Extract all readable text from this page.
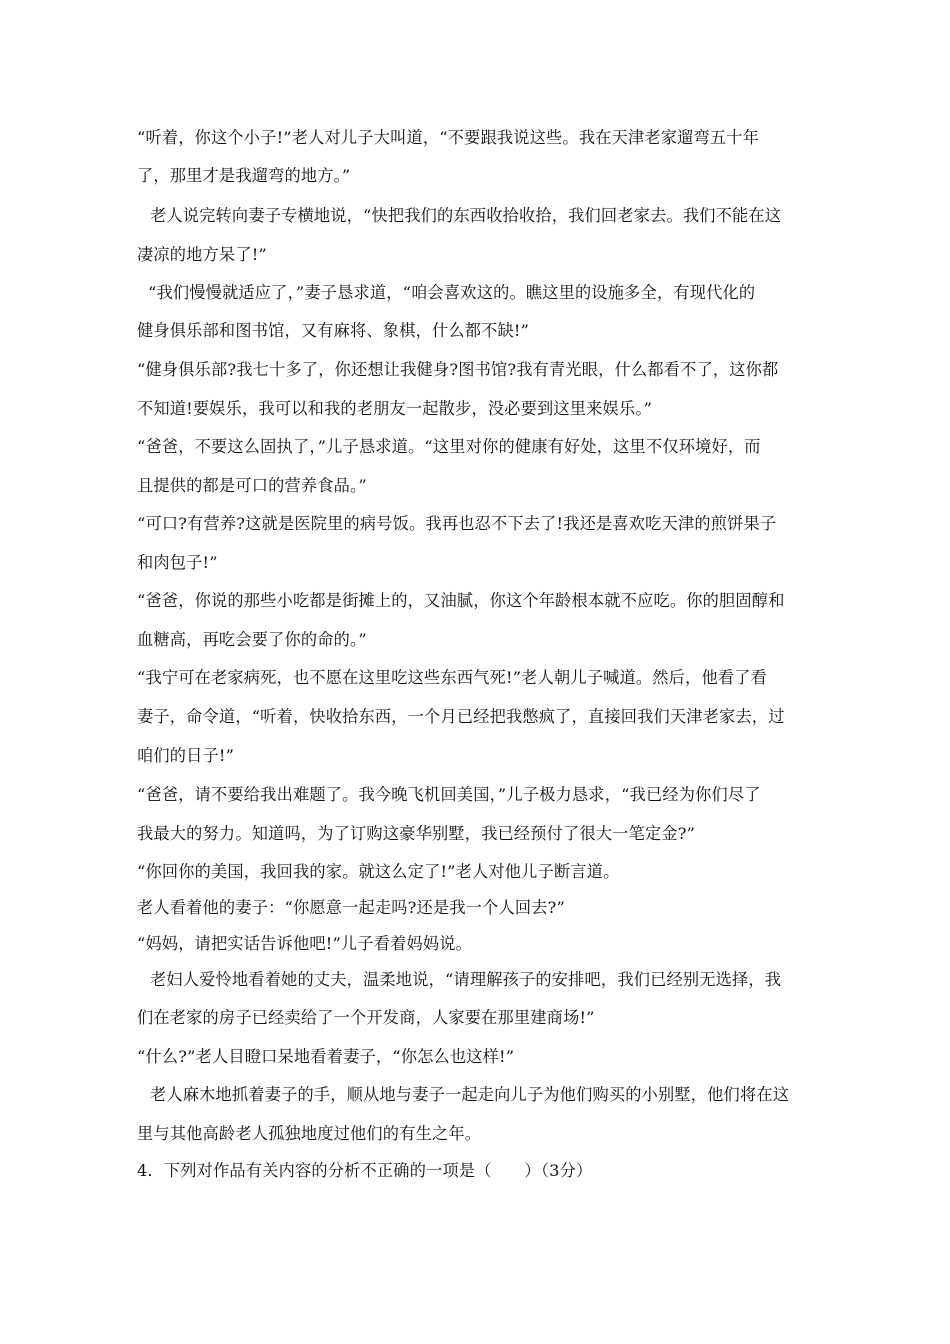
“听着，你这个小子!”老人对儿子大叫道，“不要跟我说这些。我在天津老家遛弯五十年
了，那里才是我遛弯的地方。”
老人说完转向妻子专横地说，“快把我们的东西收拾收拾，我们回老家去。我们不能在这
凄凉的地方呆了!”
“我们慢慢就适应了，”妻子恳求道，“咱会喜欢这的。瞧这里的设施多全，有现代化的
健身俱乐部和图书馆，又有麻将、象棋，什么都不缺!”
“健身俱乐部?我七十多了，你还想让我健身?图书馆?我有青光眼，什么都看不了，这你都
不知道!要娱乐，我可以和我的老朋友一起散步，没必要到这里来娱乐。”
“爸爸，不要这么固执了，”儿子恳求道。“这里对你的健康有好处，这里不仅环境好，而
且提供的都是可口的营养食品。”
“可口?有营养?这就是医院里的病号饭。我再也忍不下去了!我还是喜欢吃天津的煎饼果子
和肉包子!”
“爸爸，你说的那些小吃都是街摊上的，又油腻，你这个年龄根本就不应吃。你的胆固醇和
血糖高，再吃会要了你的命的。”
“我宁可在老家病死，也不愿在这里吃这些东西气死!”老人朝儿子喊道。然后，他看了看
妻子，命令道，“听着，快收拾东西，一个月已经把我憋疯了，直接回我们天津老家去，过
咱们的日子!”
“爸爸，请不要给我出难题了。我今晚飞机回美国，”儿子极力恳求，“我已经为你们尽了
我最大的努力。知道吗，为了订购这豪华别墅，我已经预付了很大一笔定金?”
“你回你的美国，我回我的家。就这么定了!”老人对他儿子断言道。
老人看着他的妻子：“你愿意一起走吗?还是我一个人回去?”
“妈妈，请把实话告诉他吧!”儿子看着妈妈说。
老妇人爱怜地看着她的丈夫，温柔地说，“请理解孩子的安排吧，我们已经别无选择，我
们在老家的房子已经卖给了一个开发商，人家要在那里建商场!”
“什么?”老人目瞪口呆地看着妻子，“你怎么也这样!”
老人麻木地抓着妻子的手，顺从地与妻子一起走向儿子为他们购买的小别墅，他们将在这
里与其他高龄老人孤独地度过他们的有生之年。
4．下列对作品有关内容的分析不正确的一项是（　　）（3分）
